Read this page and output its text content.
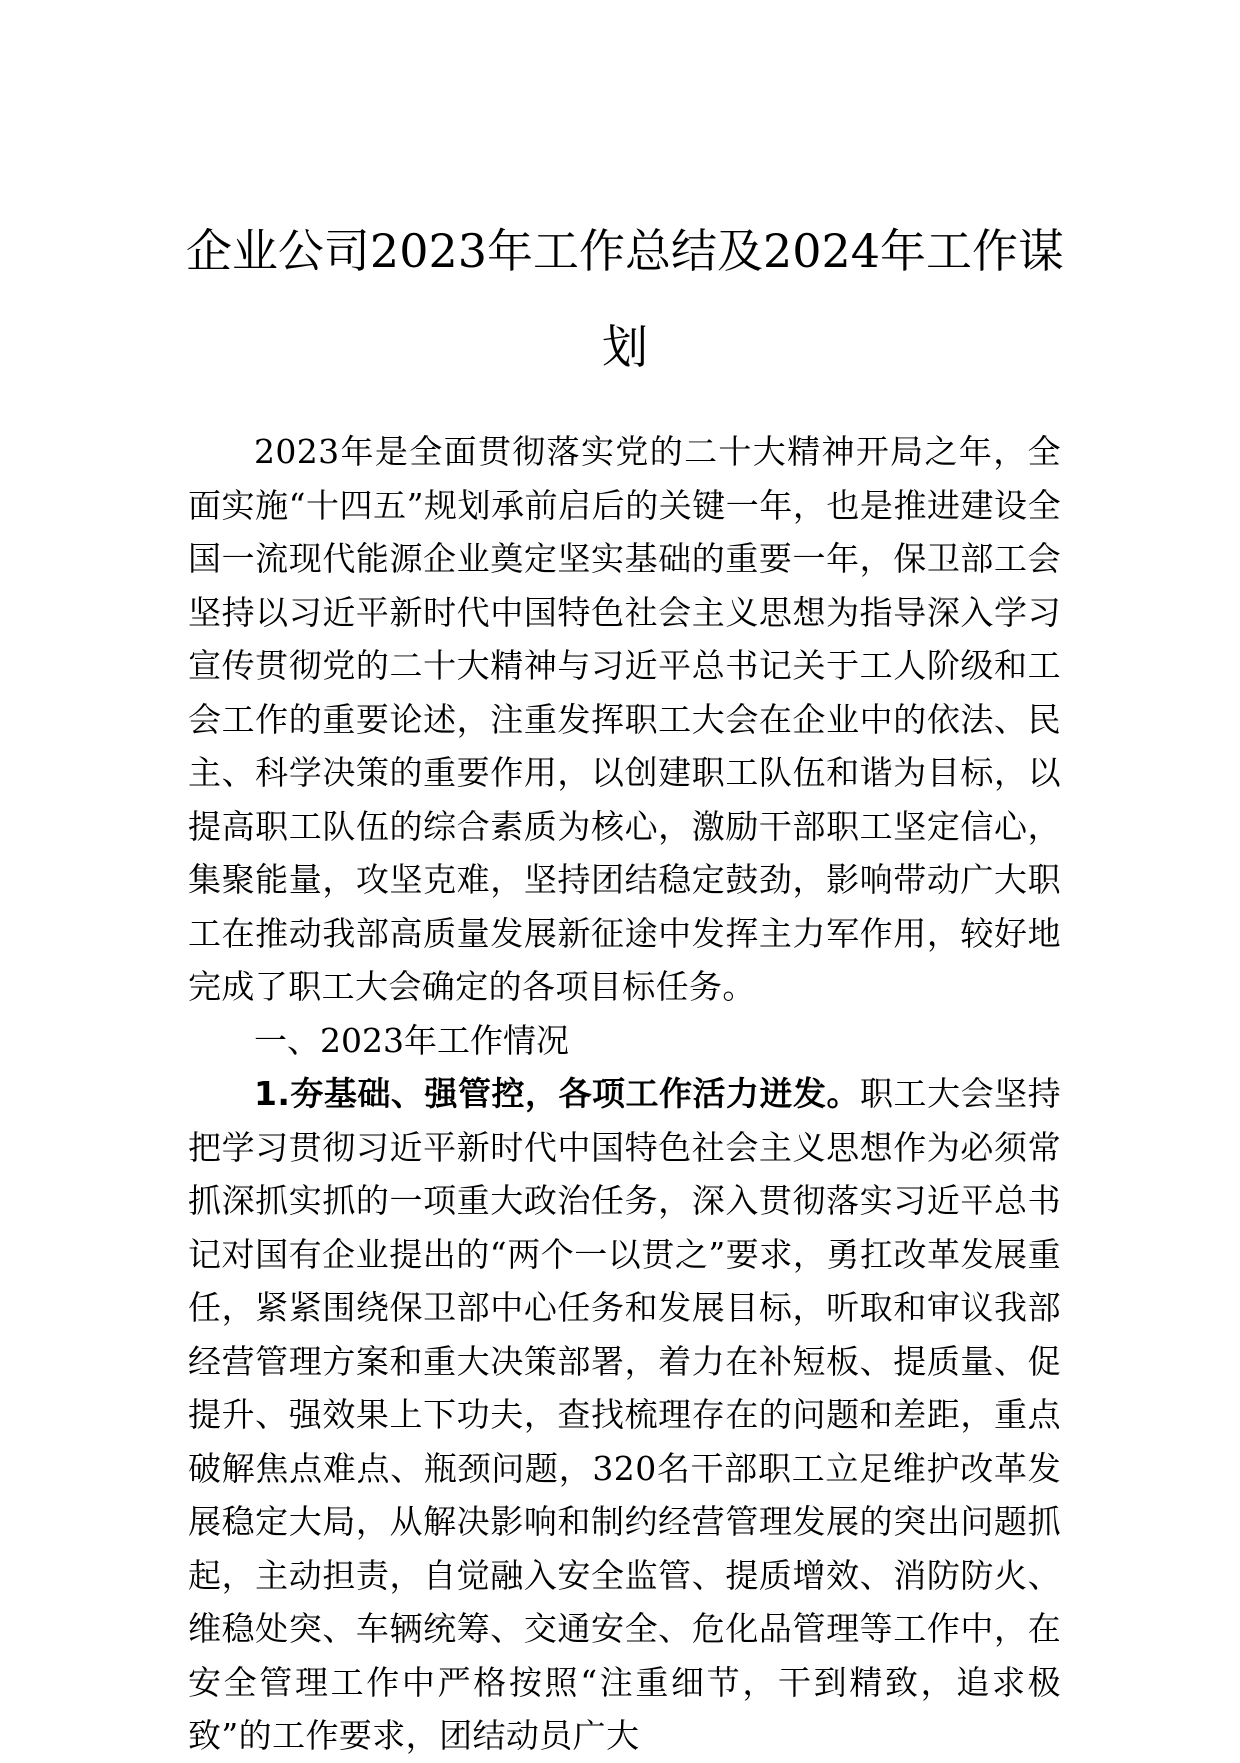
企业公司2023年工作总结及2024年工作谋划

2023年是全面贯彻落实党的二十大精神开局之年，全面实施“十四五”规划承前启后的关键一年，也是推进建设全国一流现代能源企业奠定坚实基础的重要一年，保卫部工会坚持以习近平新时代中国特色社会主义思想为指导深入学习宣传贯彻党的二十大精神与习近平总书记关于工人阶级和工会工作的重要论述，注重发挥职工大会在企业中的依法、民主、科学决策的重要作用，以创建职工队伍和谐为目标，以提高职工队伍的综合素质为核心，激励干部职工坚定信心，集聚能量，攻坚克难，坚持团结稳定鼓劲，影响带动广大职工在推动我部高质量发展新征途中发挥主力军作用，较好地完成了职工大会确定的各项目标任务。

一、2023年工作情况

1.夯基础、强管控，各项工作活力迸发。职工大会坚持把学习贯彻习近平新时代中国特色社会主义思想作为必须常抓深抓实抓的一项重大政治任务，深入贯彻落实习近平总书记对国有企业提出的“两个一以贯之”要求，勇扛改革发展重任，紧紧围绕保卫部中心任务和发展目标，听取和审议我部经营管理方案和重大决策部署，着力在补短板、提质量、促提升、强效果上下功夫，查找梳理存在的问题和差距，重点破解焦点难点、瓶颈问题，320名干部职工立足维护改革发展稳定大局，从解决影响和制约经营管理发展的突出问题抓起，主动担责，自觉融入安全监管、提质增效、消防防火、维稳处突、车辆统筹、交通安全、危化品管理等工作中，在安全管理工作中严格按照“注重细节，干到精致，追求极致”的工作要求，团结动员广大
